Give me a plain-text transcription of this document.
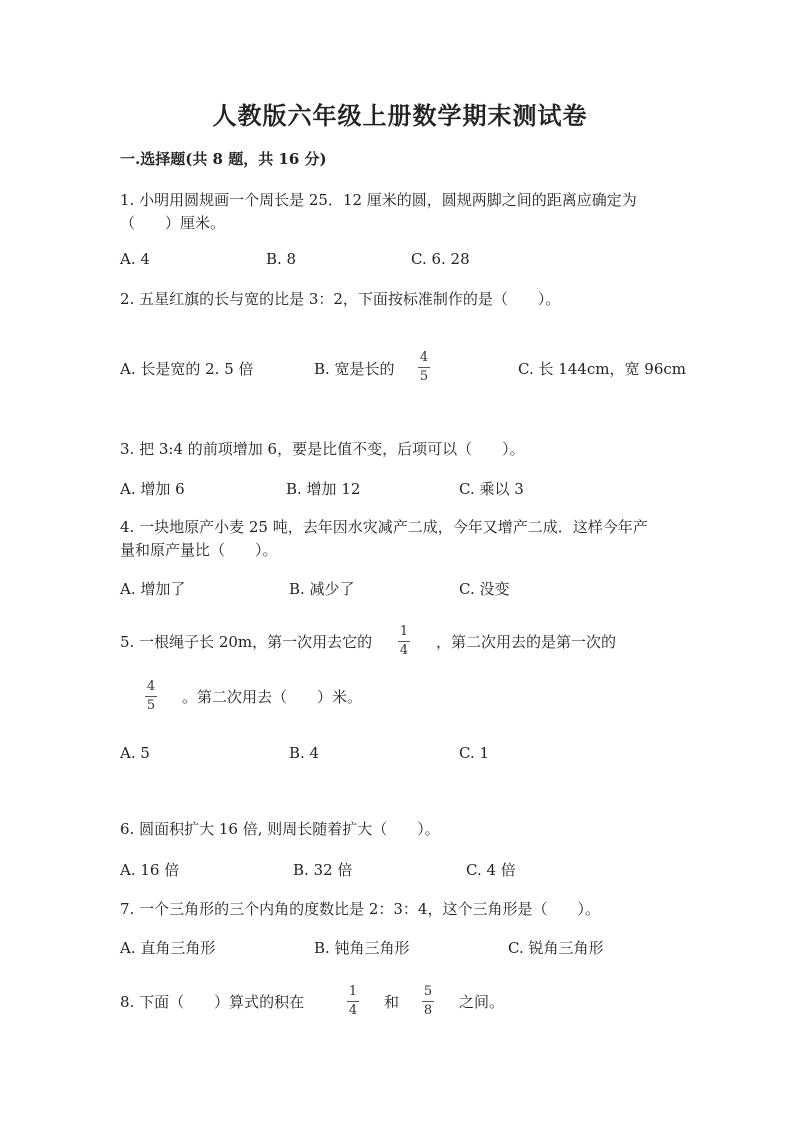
人教版六年级上册数学期末测试卷
一.选择题(共 8 题，共 16 分)
1. 小明用圆规画一个周长是 25．12 厘米的圆，圆规两脚之间的距离应确定为
（　　）厘米。
A. 4	B. 8	C. 6. 28
2. 五星红旗的长与宽的比是 3：2，下面按标准制作的是（　　）。
A. 长是宽的 2. 5 倍	B. 宽是长的
4
5	C. 长 144cm，宽 96cm
3. 把 3:4 的前项增加 6，要是比值不变，后项可以（　　）。
A. 增加 6	B. 增加 12	C. 乘以 3
4. 一块地原产小麦 25 吨，去年因水灾减产二成，今年又增产二成．这样今年产
量和原产量比（　　）。
A. 增加了	B. 减少了	C. 没变
5. 一根绳子长 20m，第一次用去它的
1
4 ，第二次用去的是第一次的
4
5 。第二次用去（　　）米。
A. 5	B. 4	C. 1
6. 圆面积扩大 16 倍, 则周长随着扩大（　　）。
A. 16 倍	B. 32 倍	C. 4 倍
7. 一个三角形的三个内角的度数比是 2：3：4，这个三角形是（　　）。
A. 直角三角形	B. 钝角三角形	C. 锐角三角形
8. 下面（　　）算式的积在
1
4 和
5
8 之间。
